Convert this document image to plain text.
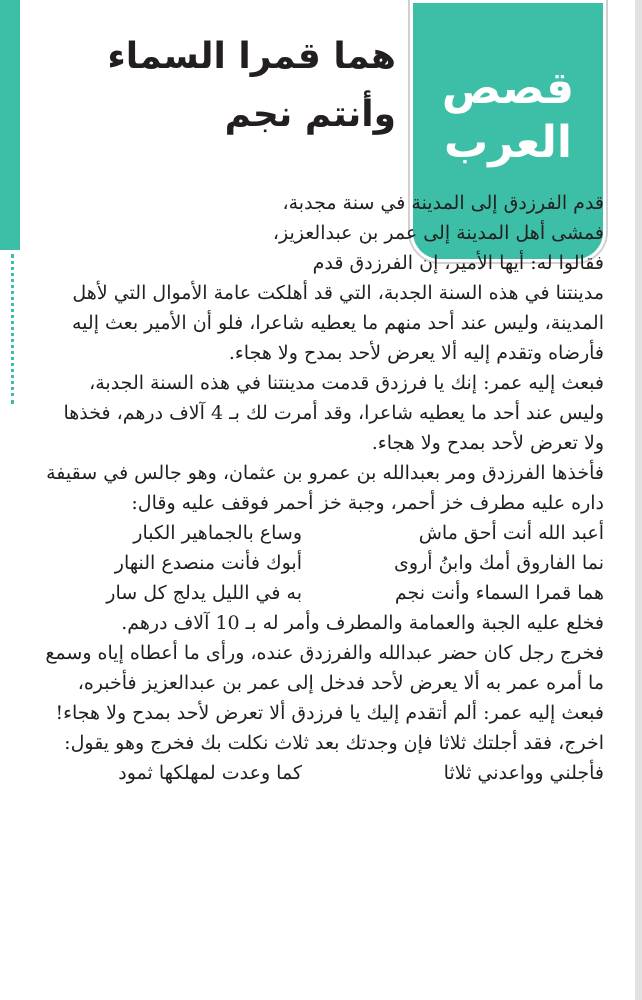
قصص
العرب
هما قمرا السماء وأنتم نجم

قدم الفرزدق إلى المدينة في سنة مجدبة، فمشى أهل المدينة إلى عمر بن عبدالعزيز، فقالوا له: أيها الأمير، إن الفرزدق قدم

مدينتنا في هذه السنة الجدبة، التي قد أهلكت عامة الأموال التي لأهل المدينة، وليس عند أحد منهم ما يعطيه شاعرا، فلو أن الأمير بعث إليه فأرضاه وتقدم إليه ألا يعرض لأحد بمدح ولا هجاء.

فبعث إليه عمر: إنك يا فرزدق قدمت مدينتنا في هذه السنة الجدبة، وليس عند أحد ما يعطيه شاعرا، وقد أمرت لك بـ 4 آلاف درهم، فخذها ولا تعرض لأحد بمدح ولا هجاء.

فأخذها الفرزدق ومر بعبدالله بن عمرو بن عثمان، وهو جالس في سقيفة داره عليه مطرف خز أحمر، وجبة خز أحمر فوقف عليه وقال:

أعبد الله أنت أحق ماش
وساع بالجماهير الكبار
نما الفاروق أمك وابنُ أروى
أبوك فأنت منصدع النهار
هما قمرا السماء وأنت نجم
به في الليل يدلج كل سار

فخلع عليه الجبة والعمامة والمطرف وأمر له بـ 10 آلاف درهم.

فخرج رجل كان حضر عبدالله والفرزدق عنده، ورأى ما أعطاه إياه وسمع ما أمره عمر به ألا يعرض لأحد فدخل إلى عمر بن عبدالعزيز فأخبره، فبعث إليه عمر: ألم أتقدم إليك يا فرزدق ألا تعرض لأحد بمدح ولا هجاء! اخرج، فقد أجلتك ثلاثا فإن وجدتك بعد ثلاث نكلت بك فخرج وهو يقول:

فأجلني وواعدني ثلاثا
كما وعدت لمهلكها ثمود
